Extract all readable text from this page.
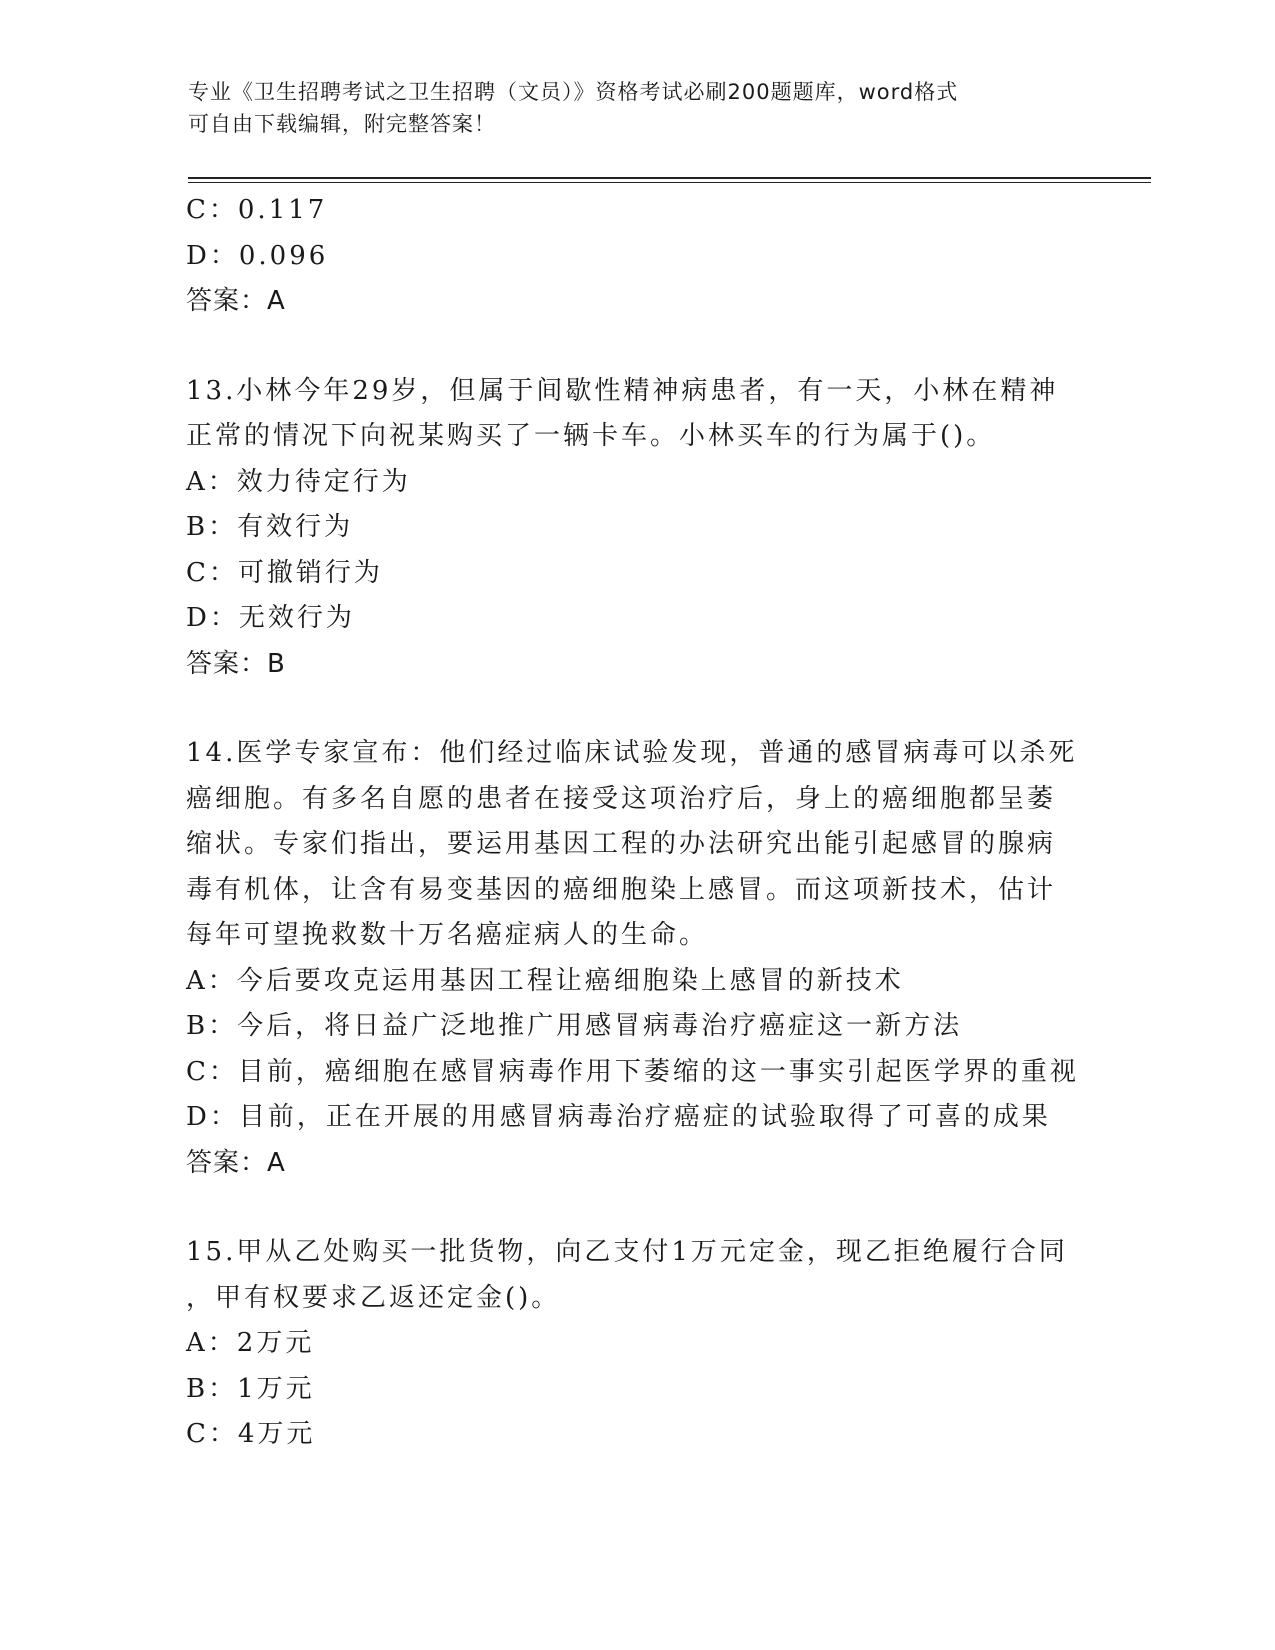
专业《卫生招聘考试之卫生招聘（文员）》资格考试必刷200题题库，word格式
可自由下载编辑，附完整答案！
C：0.117
D：0.096
答案：A
13.小林今年29岁，但属于间歇性精神病患者，有一天，小林在精神
正常的情况下向祝某购买了一辆卡车。小林买车的行为属于()。
A：效力待定行为
B：有效行为
C：可撤销行为
D：无效行为
答案：B
14.医学专家宣布：他们经过临床试验发现，普通的感冒病毒可以杀死
癌细胞。有多名自愿的患者在接受这项治疗后，身上的癌细胞都呈萎
缩状。专家们指出，要运用基因工程的办法研究出能引起感冒的腺病
毒有机体，让含有易变基因的癌细胞染上感冒。而这项新技术，估计
每年可望挽救数十万名癌症病人的生命。
A：今后要攻克运用基因工程让癌细胞染上感冒的新技术
B：今后，将日益广泛地推广用感冒病毒治疗癌症这一新方法
C：目前，癌细胞在感冒病毒作用下萎缩的这一事实引起医学界的重视
D：目前，正在开展的用感冒病毒治疗癌症的试验取得了可喜的成果
答案：A
15.甲从乙处购买一批货物，向乙支付1万元定金，现乙拒绝履行合同
，甲有权要求乙返还定金()。
A：2万元
B：1万元
C：4万元
